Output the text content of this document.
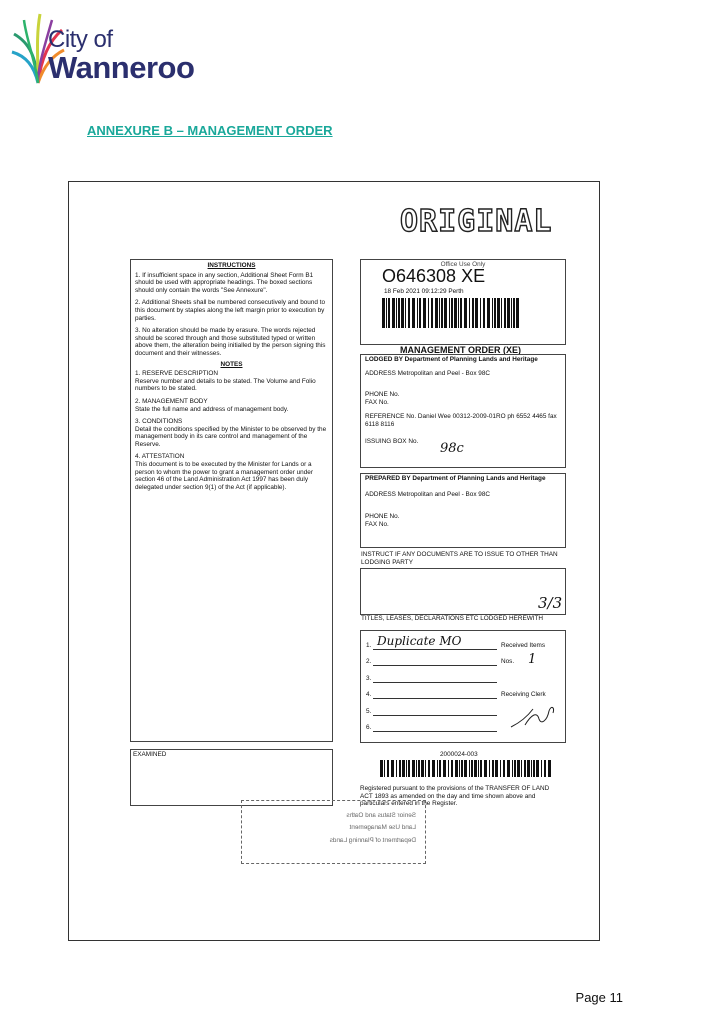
City of
Wanneroo
ANNEXURE B – MANAGEMENT ORDER
ORIGINAL
INSTRUCTIONS
1. If insufficient space in any section, Additional Sheet Form B1 should be used with appropriate headings. The boxed sections should only contain the words "See Annexure".
2. Additional Sheets shall be numbered consecutively and bound to this document by staples along the left margin prior to execution by parties.
3. No alteration should be made by erasure. The words rejected should be scored through and those substituted typed or written above them, the alteration being initialled by the person signing this document and their witnesses.
NOTES
1. RESERVE DESCRIPTION
Reserve number and details to be stated. The Volume and Folio numbers to be stated.
2. MANAGEMENT BODY
State the full name and address of management body.
3. CONDITIONS
Detail the conditions specified by the Minister to be observed by the management body in its care control and management of the Reserve.
4. ATTESTATION
This document is to be executed by the Minister for Lands or a person to whom the power to grant a management order under section 46 of the Land Administration Act 1997 has been duly delegated under section 9(1) of the Act (if applicable).
Office Use Only
O646308 XE
18 Feb 2021 09:12:29 Perth
MANAGEMENT ORDER (XE)
LODGED BY Department of Planning Lands and Heritage
ADDRESS Metropolitan and Peel - Box 98C
PHONE No.
FAX No.
REFERENCE No. Daniel Wee 00312-2009-01RO ph 6552 4465 fax 6118 8116
ISSUING BOX No.	98c
PREPARED BY Department of Planning Lands and Heritage
ADDRESS Metropolitan and Peel - Box 98C
PHONE No.
FAX No.
INSTRUCT IF ANY DOCUMENTS ARE TO ISSUE TO OTHER THAN LODGING PARTY
3/3
TITLES, LEASES, DECLARATIONS ETC LODGED HEREWITH
1. Duplicate MO	Received Items
2.	Nos. 1
3.
4.	Receiving Clerk
5.
6.
EXAMINED	2000024-003
Registered pursuant to the provisions of the TRANSFER OF LAND ACT 1893 as amended on the day and time shown above and particulars entered in the Register.
Senior Status and Oaths
Land Use Management
Department of Planning Lands
Page 11
